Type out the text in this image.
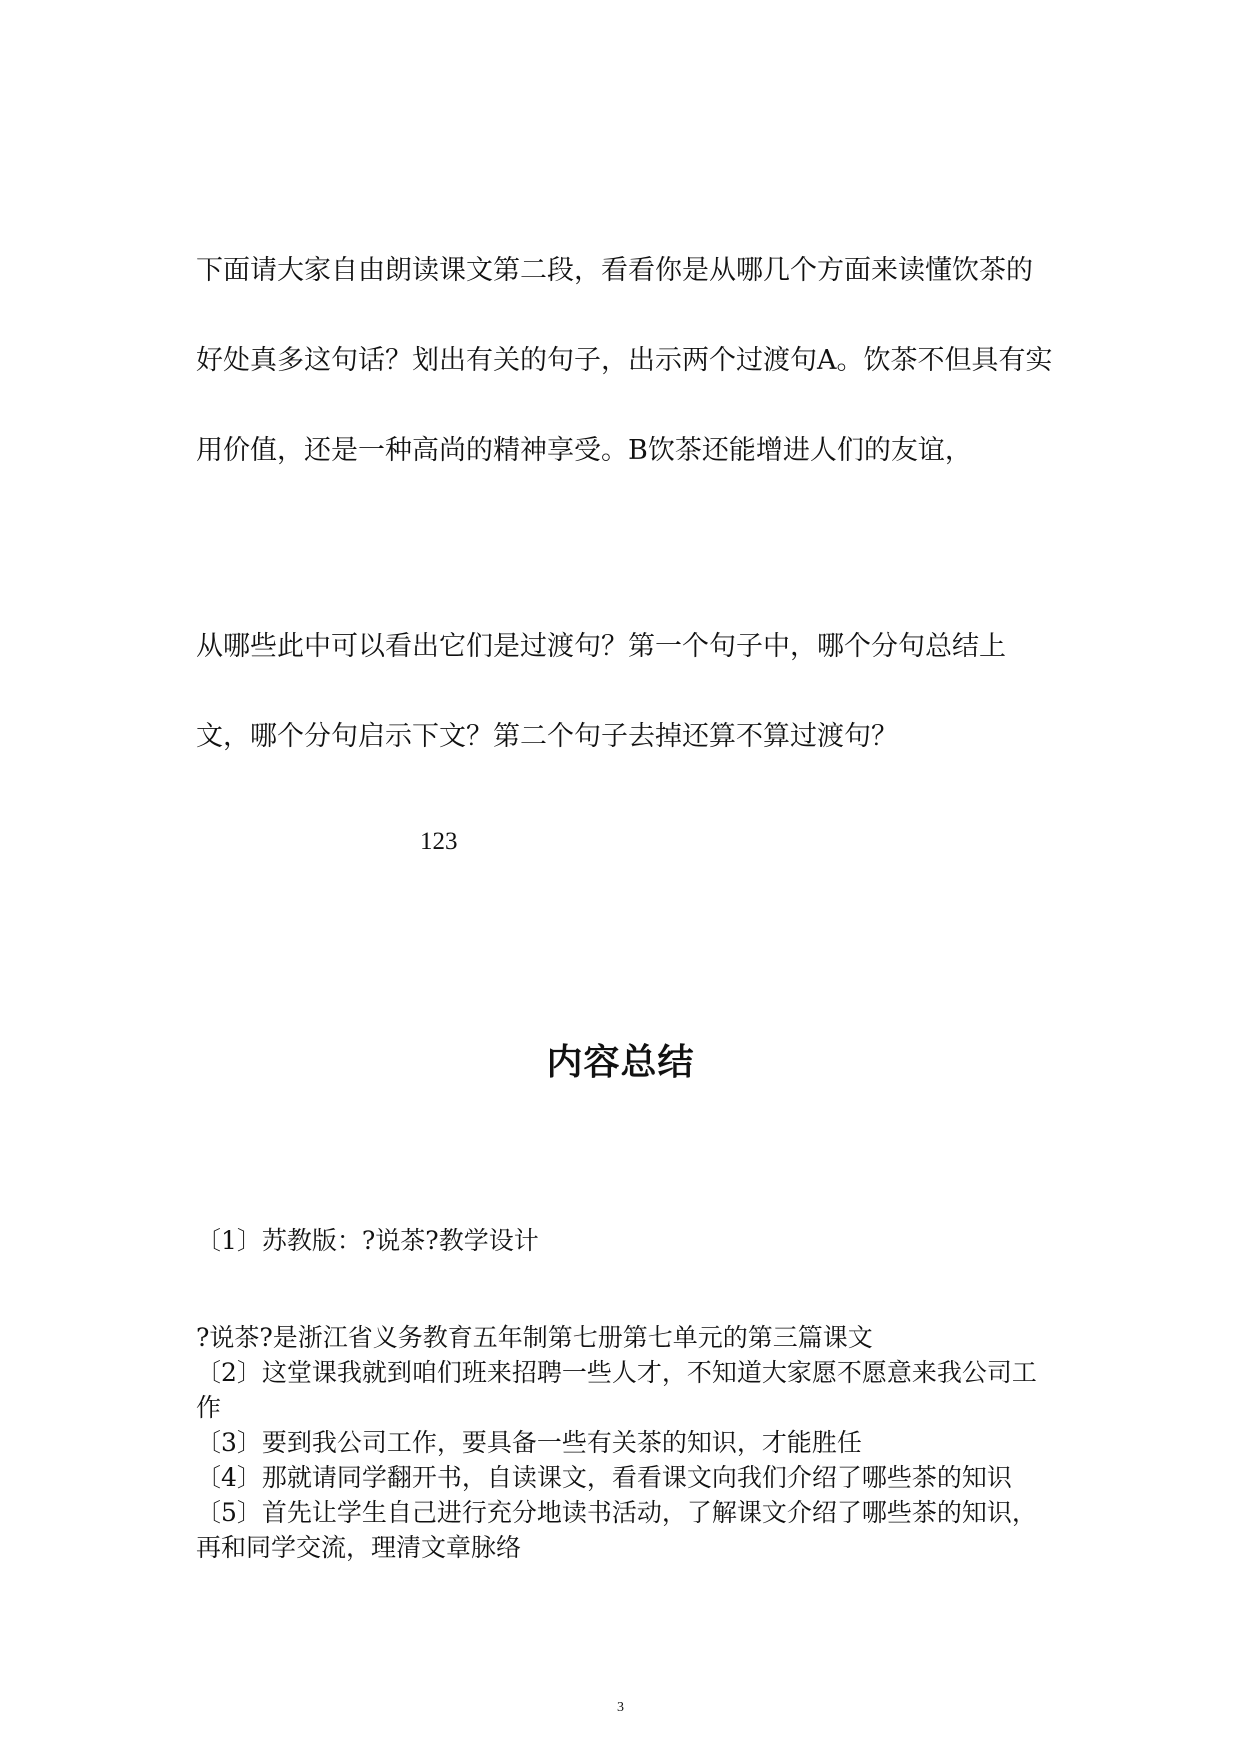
下面请大家自由朗读课文第二段，看看你是从哪几个方面来读懂饮茶的好处真多这句话？划出有关的句子，出示两个过渡句A。饮茶不但具有实用价值，还是一种高尚的精神享受。B饮茶还能增进人们的友谊，

从哪些此中可以看出它们是过渡句？第一个句子中，哪个分句总结上文，哪个分句启示下文？第二个句子去掉还算不算过渡句？

123

内容总结

〔1〕苏教版：?说茶?教学设计

?说茶?是浙江省义务教育五年制第七册第七单元的第三篇课文
〔2〕这堂课我就到咱们班来招聘一些人才，不知道大家愿不愿意来我公司工作
〔3〕要到我公司工作，要具备一些有关茶的知识，才能胜任
〔4〕那就请同学翻开书，自读课文，看看课文向我们介绍了哪些茶的知识
〔5〕首先让学生自己进行充分地读书活动，了解课文介绍了哪些茶的知识，再和同学交流，理清文章脉络

3
